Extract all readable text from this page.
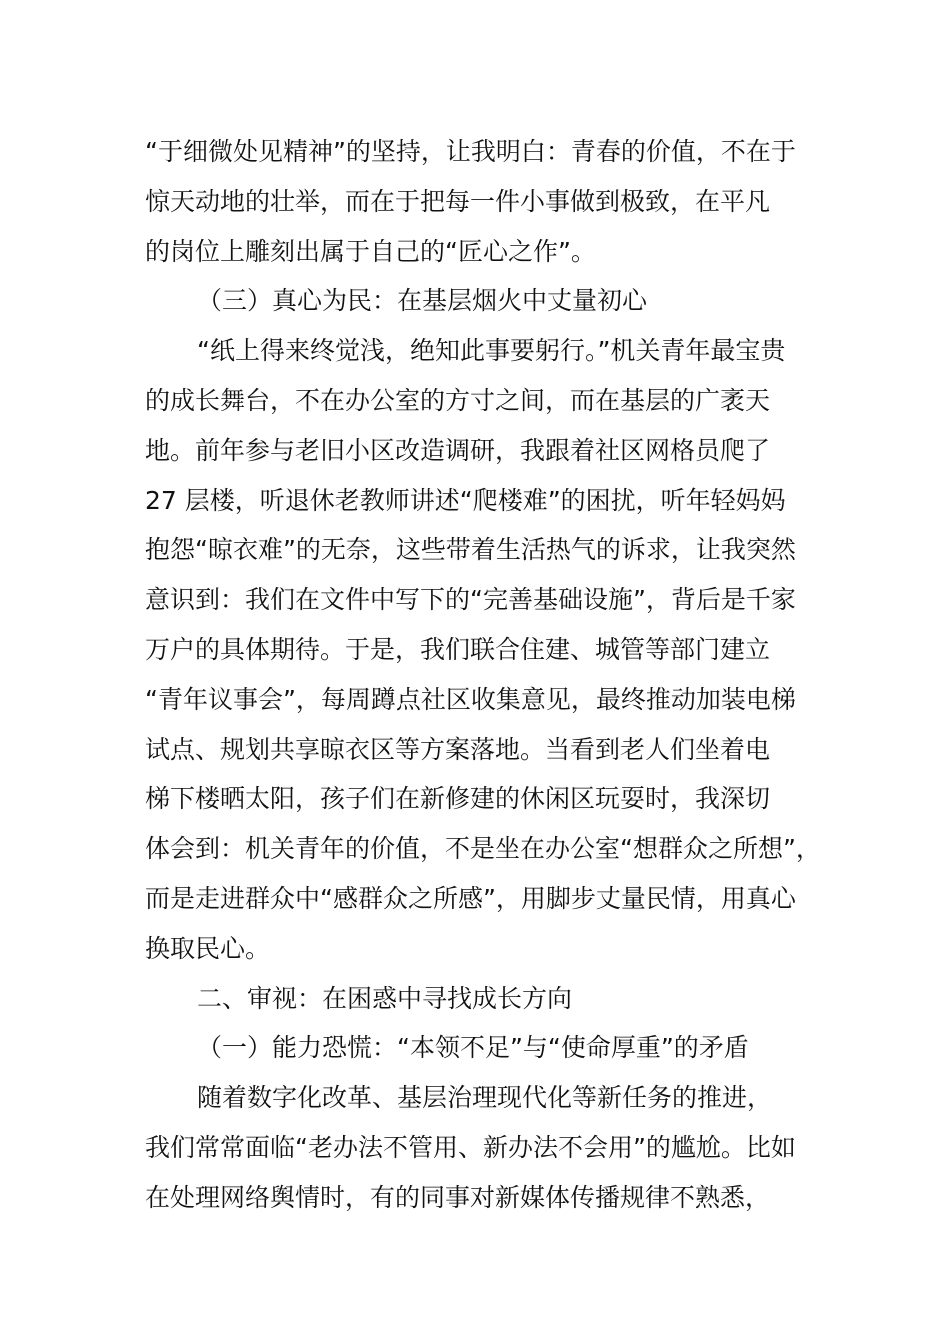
“于细微处见精神”的坚持，让我明白：青春的价值，不在于
惊天动地的壮举，而在于把每一件小事做到极致，在平凡
的岗位上雕刻出属于自己的“匠心之作”。
（三）真心为民：在基层烟火中丈量初心
“纸上得来终觉浅，绝知此事要躬行。”机关青年最宝贵
的成长舞台，不在办公室的方寸之间，而在基层的广袤天
地。前年参与老旧小区改造调研，我跟着社区网格员爬了
27 层楼，听退休老教师讲述“爬楼难”的困扰，听年轻妈妈
抱怨“晾衣难”的无奈，这些带着生活热气的诉求，让我突然
意识到：我们在文件中写下的“完善基础设施”，背后是千家
万户的具体期待。于是，我们联合住建、城管等部门建立
“青年议事会”，每周蹲点社区收集意见，最终推动加装电梯
试点、规划共享晾衣区等方案落地。当看到老人们坐着电
梯下楼晒太阳，孩子们在新修建的休闲区玩耍时，我深切
体会到：机关青年的价值，不是坐在办公室“想群众之所想”，
而是走进群众中“感群众之所感”，用脚步丈量民情，用真心
换取民心。
二、审视：在困惑中寻找成长方向
（一）能力恐慌：“本领不足”与“使命厚重”的矛盾
随着数字化改革、基层治理现代化等新任务的推进，
我们常常面临“老办法不管用、新办法不会用”的尴尬。比如
在处理网络舆情时，有的同事对新媒体传播规律不熟悉，
